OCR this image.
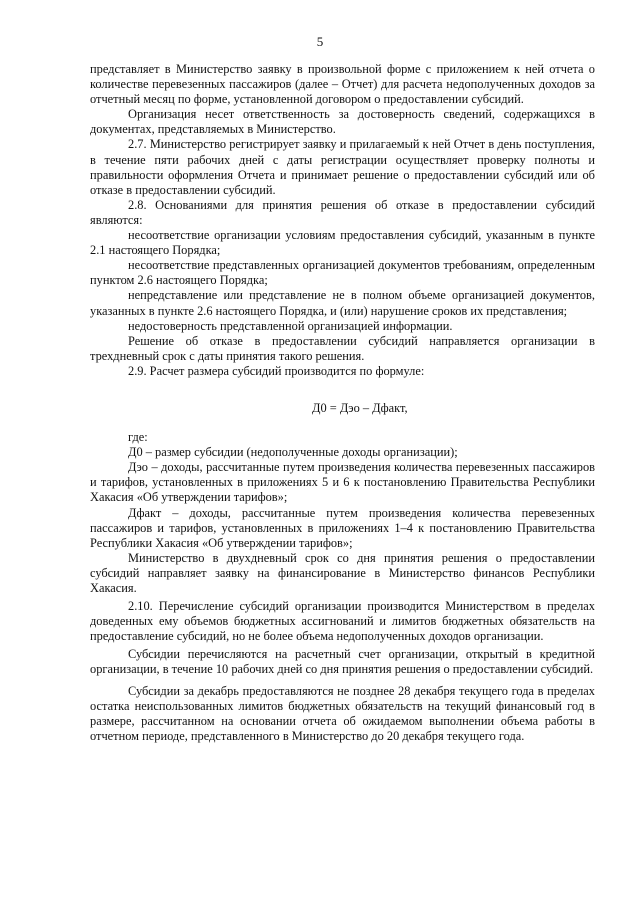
5

представляет в Министерство заявку в произвольной форме с приложением к ней отчета о количестве перевезенных пассажиров (далее – Отчет) для расчета недополученных доходов за отчетный месяц по форме, установленной договором о предоставлении субсидий.

Организация несет ответственность за достоверность сведений, содержащихся в документах, представляемых в Министерство.

2.7. Министерство регистрирует заявку и прилагаемый к ней Отчет в день поступления, в течение пяти рабочих дней с даты регистрации осуществляет проверку полноты и правильности оформления Отчета и принимает решение о предоставлении субсидий или об отказе в предоставлении субсидий.

2.8. Основаниями для принятия решения об отказе в предоставлении субсидий являются:

несоответствие организации условиям предоставления субсидий, указанным в пункте 2.1 настоящего Порядка;

несоответствие представленных организацией документов требованиям, определенным пунктом 2.6 настоящего Порядка;

непредставление или представление не в полном объеме организацией документов, указанных в пункте 2.6 настоящего Порядка, и (или) нарушение сроков их представления;

недостоверность представленной организацией информации.

Решение об отказе в предоставлении субсидий направляется организации в трехдневный срок с даты принятия такого решения.

2.9. Расчет размера субсидий производится по формуле:

Д0 = Дэо – Дфакт,

где:

Д0 – размер субсидии (недополученные доходы организации);

Дэо – доходы, рассчитанные путем произведения количества перевезенных пассажиров и тарифов, установленных в приложениях 5 и 6 к постановлению Правительства Республики Хакасия «Об утверждении тарифов»;

Дфакт – доходы, рассчитанные путем произведения количества перевезенных пассажиров и тарифов, установленных в приложениях 1–4 к постановлению Правительства Республики Хакасия «Об утверждении тарифов»;

Министерство в двухдневный срок со дня принятия решения о предоставлении субсидий направляет заявку на финансирование в Министерство финансов Республики Хакасия.

2.10. Перечисление субсидий организации производится Министерством в пределах доведенных ему объемов бюджетных ассигнований и лимитов бюджетных обязательств на предоставление субсидий, но не более объема недополученных доходов организации.

Субсидии перечисляются на расчетный счет организации, открытый в кредитной организации, в течение 10 рабочих дней со дня принятия решения о предоставлении субсидий.

Субсидии за декабрь предоставляются не позднее 28 декабря текущего года в пределах остатка неиспользованных лимитов бюджетных обязательств на текущий финансовый год в размере, рассчитанном на основании отчета об ожидаемом выполнении объема работы в отчетном периоде, представленного в Министерство до 20 декабря текущего года.
